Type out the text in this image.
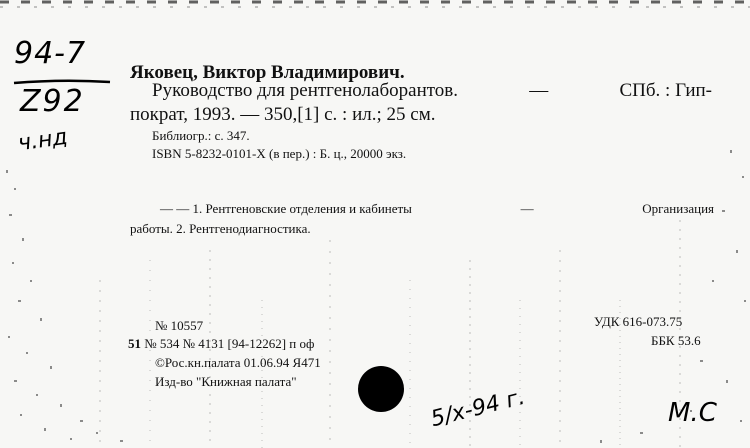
94-7
Z92
ч.нд
Яковец, Виктор Владимирович.
Руководство для рентгенолаборантов.	—	СПб. : Гип-
пократ, 1993. — 350,[1] с. : ил.; 25 см.
Библиогр.: с. 347.
ISBN 5-8232-0101-X (в пер.) : Б. ц., 20000 экз.
— — 1. Рентгеновские отделения и кабинеты	—	Организация
работы. 2. Рентгенодиагностика.
№ 10557
51 № 534 № 4131 [94-12262] п оф
©Рос.кн.палата 01.06.94 Я471
Изд-во "Книжная палата"
УДК 616-073.75
ББК 53.6
5/x-94 г.	М.С
